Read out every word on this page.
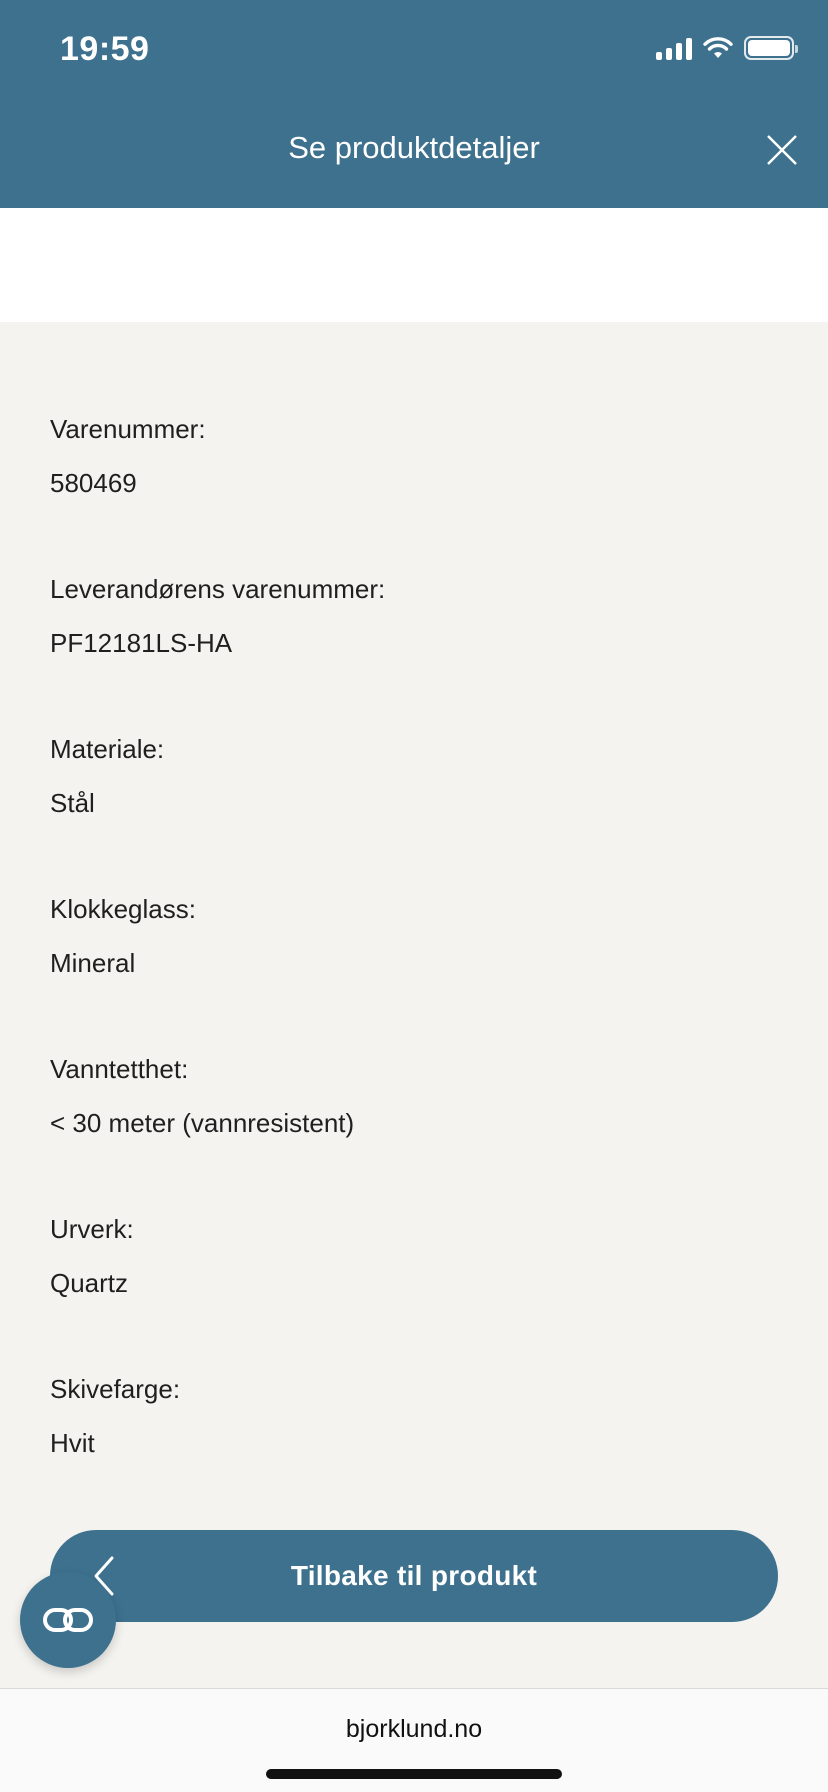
19:59
Se produktdetaljer
Varenummer:
580469
Leverandørens varenummer:
PF12181LS-HA
Materiale:
Stål
Klokkeglass:
Mineral
Vanntetthet:
< 30 meter (vannresistent)
Urverk:
Quartz
Skivefarge:
Hvit
Tilbake til produkt
bjorklund.no
